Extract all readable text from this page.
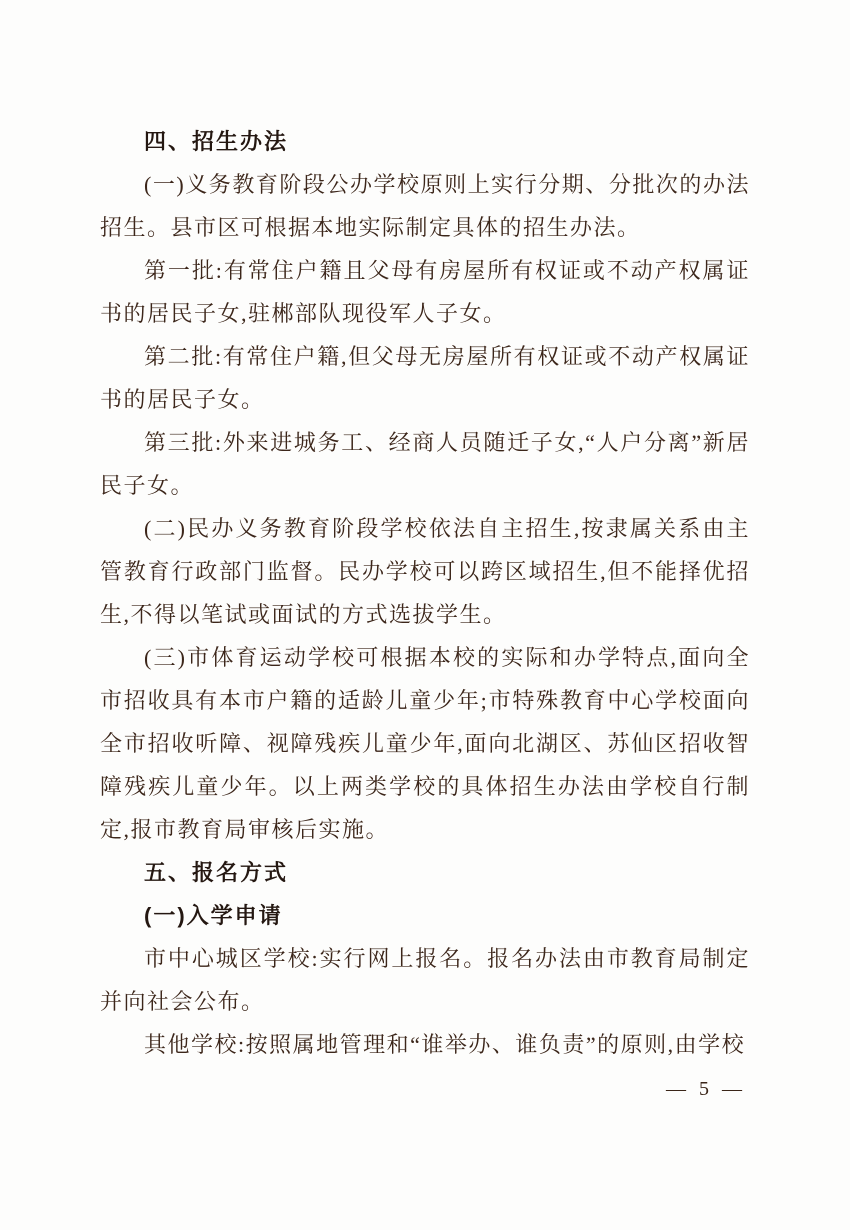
四、招生办法

(一)义务教育阶段公办学校原则上实行分期、分批次的办法招生。县市区可根据本地实际制定具体的招生办法。

第一批:有常住户籍且父母有房屋所有权证或不动产权属证书的居民子女,驻郴部队现役军人子女。

第二批:有常住户籍,但父母无房屋所有权证或不动产权属证书的居民子女。

第三批:外来进城务工、经商人员随迁子女,“人户分离”新居民子女。

(二)民办义务教育阶段学校依法自主招生,按隶属关系由主管教育行政部门监督。民办学校可以跨区域招生,但不能择优招生,不得以笔试或面试的方式选拔学生。

(三)市体育运动学校可根据本校的实际和办学特点,面向全市招收具有本市户籍的适龄儿童少年;市特殊教育中心学校面向全市招收听障、视障残疾儿童少年,面向北湖区、苏仙区招收智障残疾儿童少年。以上两类学校的具体招生办法由学校自行制定,报市教育局审核后实施。

五、报名方式

(一)入学申请

市中心城区学校:实行网上报名。报名办法由市教育局制定并向社会公布。

其他学校:按照属地管理和“谁举办、谁负责”的原则,由学校

— 5 —
